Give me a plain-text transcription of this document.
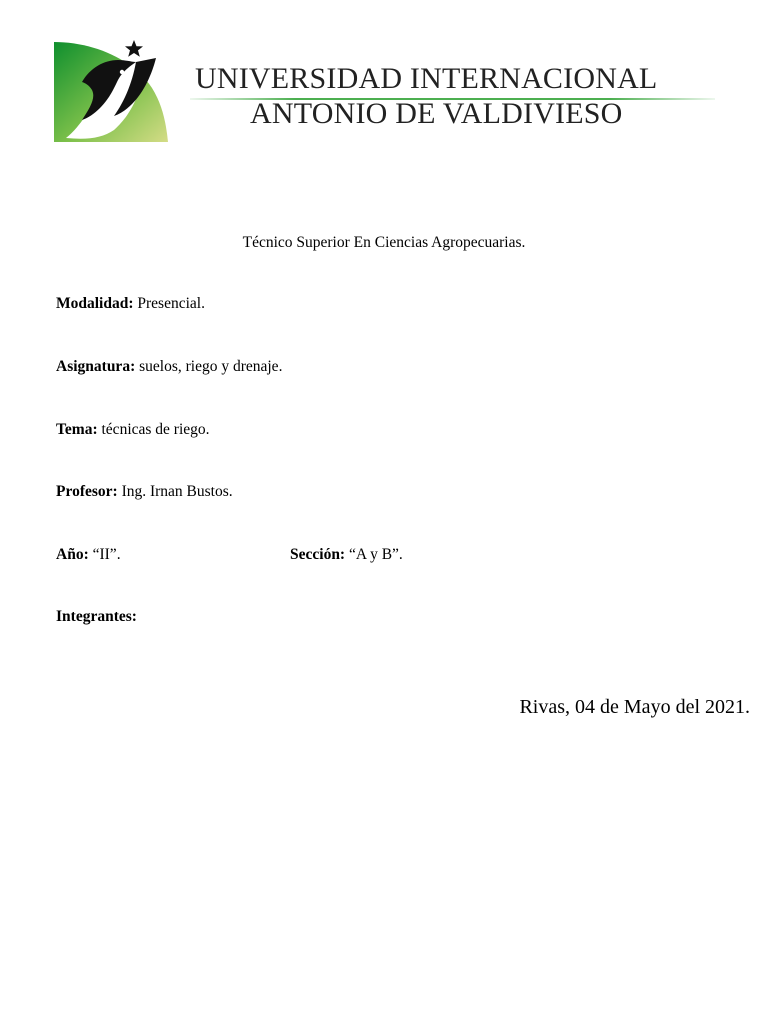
UNIVERSIDAD INTERNACIONAL
ANTONIO DE VALDIVIESO
Técnico Superior En Ciencias Agropecuarias.
Modalidad: Presencial.
Asignatura: suelos, riego y drenaje.
Tema: técnicas de riego.
Profesor: Ing. Irnan Bustos.
Año: “II”.	Sección: “A y B”.
Integrantes:
Rivas, 04 de Mayo del 2021.
